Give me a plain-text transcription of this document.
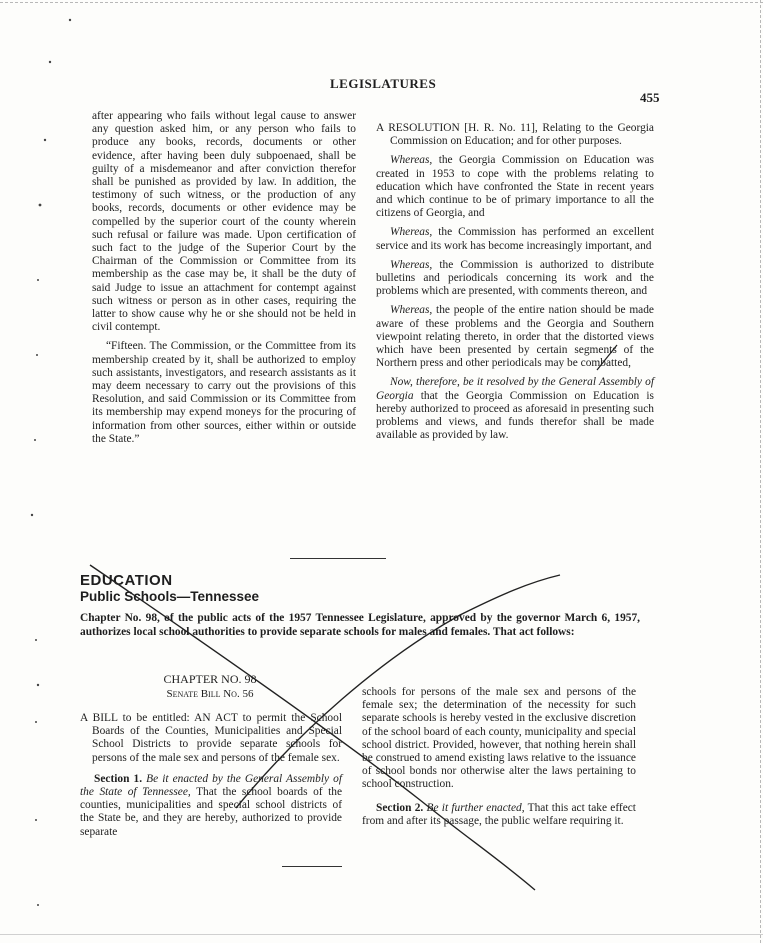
LEGISLATURES
455

after appearing who fails without legal cause to answer any question asked him, or any person who fails to produce any books, records, documents or other evidence, after having been duly subpoenaed, shall be guilty of a misdemeanor and after conviction therefor shall be punished as provided by law. In addition, the testimony of such witness, or the production of any books, records, documents or other evidence may be compelled by the superior court of the county wherein such refusal or failure was made. Upon certification of such fact to the judge of the Superior Court by the Chairman of the Commission or Committee from its membership as the case may be, it shall be the duty of said Judge to issue an attachment for contempt against such witness or person as in other cases, requiring the latter to show cause why he or she should not be held in civil contempt.

“Fifteen. The Commission, or the Committee from its membership created by it, shall be authorized to employ such assistants, investigators, and research assistants as it may deem necessary to carry out the provisions of this Resolution, and said Commission or its Committee from its membership may expend moneys for the procuring of information from other sources, either within or outside the State.”

A RESOLUTION [H. R. No. 11], Relating to the Georgia Commission on Education; and for other purposes.

Whereas, the Georgia Commission on Education was created in 1953 to cope with the problems relating to education which have confronted the State in recent years and which continue to be of primary importance to all the citizens of Georgia, and

Whereas, the Commission has performed an excellent service and its work has become increasingly important, and

Whereas, the Commission is authorized to distribute bulletins and periodicals concerning its work and the problems which are presented, with comments thereon, and

Whereas, the people of the entire nation should be made aware of these problems and the Georgia and Southern viewpoint relating thereto, in order that the distorted views which have been presented by certain segments of the Northern press and other periodicals may be combatted,

Now, therefore, be it resolved by the General Assembly of Georgia that the Georgia Commission on Education is hereby authorized to proceed as aforesaid in presenting such problems and views, and funds therefor shall be made available as provided by law.

EDUCATION
Public Schools—Tennessee
Chapter No. 98, of the public acts of the 1957 Tennessee Legislature, approved by the governor March 6, 1957, authorizes local school authorities to provide separate schools for males and females. That act follows:
CHAPTER NO. 98
Senate Bill No. 56

A BILL to be entitled: AN ACT to permit the School Boards of the Counties, Municipalities and Special School Districts to provide separate schools for persons of the male sex and persons of the female sex.

Section 1. Be it enacted by the General Assembly of the State of Tennessee, That the school boards of the counties, municipalities and special school districts of the State be, and they are hereby, authorized to provide separate

schools for persons of the male sex and persons of the female sex; the determination of the necessity for such separate schools is hereby vested in the exclusive discretion of the school board of each county, municipality and special school district. Provided, however, that nothing herein shall be construed to amend existing laws relative to the issuance of school bonds nor otherwise alter the laws pertaining to school construction.

Section 2. Be it further enacted, That this act take effect from and after its passage, the public welfare requiring it.
